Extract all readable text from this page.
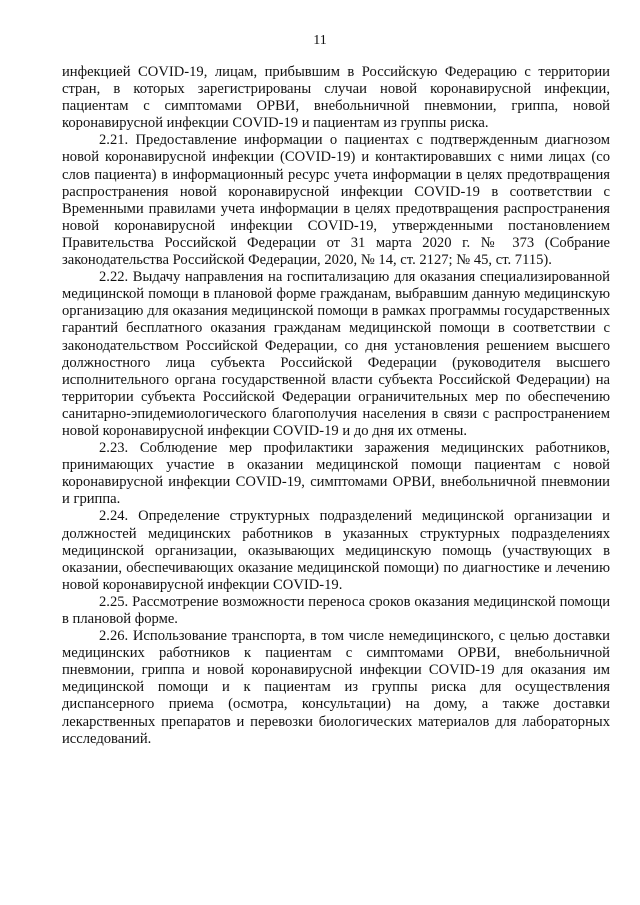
11

инфекцией COVID-19, лицам, прибывшим в Российскую Федерацию с территории стран, в которых зарегистрированы случаи новой коронавирусной инфекции, пациентам с симптомами ОРВИ, внебольничной пневмонии, гриппа, новой коронавирусной инфекции COVID-19 и пациентам из группы риска.

2.21. Предоставление информации о пациентах с подтвержденным диагнозом новой коронавирусной инфекции (COVID-19) и контактировавших с ними лицах (со слов пациента) в информационный ресурс учета информации в целях предотвращения распространения новой коронавирусной инфекции COVID-19 в соответствии с Временными правилами учета информации в целях предотвращения распространения новой коронавирусной инфекции COVID-19, утвержденными постановлением Правительства Российской Федерации от 31 марта 2020 г. № 373 (Собрание законодательства Российской Федерации, 2020, № 14, ст. 2127; № 45, ст. 7115).

2.22. Выдачу направления на госпитализацию для оказания специализированной медицинской помощи в плановой форме гражданам, выбравшим данную медицинскую организацию для оказания медицинской помощи в рамках программы государственных гарантий бесплатного оказания гражданам медицинской помощи в соответствии с законодательством Российской Федерации, со дня установления решением высшего должностного лица субъекта Российской Федерации (руководителя высшего исполнительного органа государственной власти субъекта Российской Федерации) на территории субъекта Российской Федерации ограничительных мер по обеспечению санитарно-эпидемиологического благополучия населения в связи с распространением новой коронавирусной инфекции COVID-19 и до дня их отмены.

2.23. Соблюдение мер профилактики заражения медицинских работников, принимающих участие в оказании медицинской помощи пациентам с новой коронавирусной инфекции COVID-19, симптомами ОРВИ, внебольничной пневмонии и гриппа.

2.24. Определение структурных подразделений медицинской организации и должностей медицинских работников в указанных структурных подразделениях медицинской организации, оказывающих медицинскую помощь (участвующих в оказании, обеспечивающих оказание медицинской помощи) по диагностике и лечению новой коронавирусной инфекции COVID-19.

2.25. Рассмотрение возможности переноса сроков оказания медицинской помощи в плановой форме.

2.26. Использование транспорта, в том числе немедицинского, с целью доставки медицинских работников к пациентам с симптомами ОРВИ, внебольничной пневмонии, гриппа и новой коронавирусной инфекции COVID-19 для оказания им медицинской помощи и к пациентам из группы риска для осуществления диспансерного приема (осмотра, консультации) на дому, а также доставки лекарственных препаратов и перевозки биологических материалов для лабораторных исследований.
